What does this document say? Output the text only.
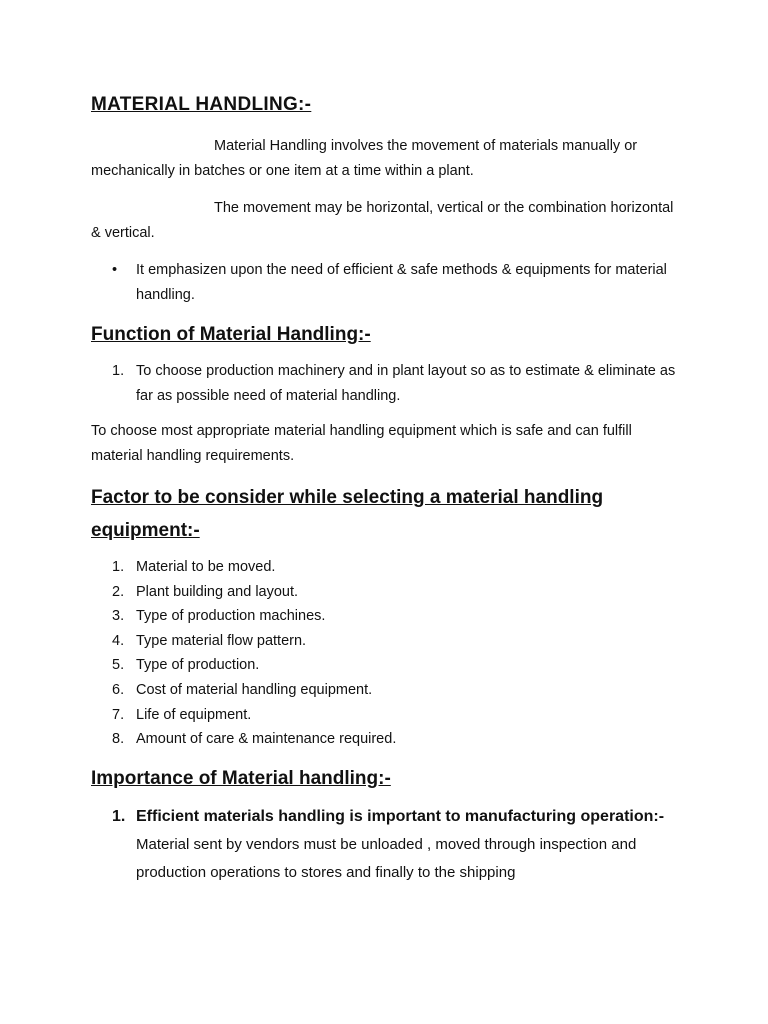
MATERIAL HANDLING:-

Material Handling involves the movement of materials manually or mechanically in batches or one item at a time within a plant.

The movement may be horizontal, vertical or the combination horizontal & vertical.

• It emphasizen upon the need of efficient & safe methods & equipments for material handling.
Function of Material Handling:-
1. To choose production machinery and in plant layout so as to estimate & eliminate as far as possible need of material handling.

To choose most appropriate material handling equipment which is safe and can fulfill material handling requirements.

Factor to be consider while selecting a material handling equipment:-
1. Material to be moved.
2. Plant building and layout.
3. Type of production machines.
4. Type material flow pattern.
5. Type of production.
6. Cost of material handling equipment.
7. Life of equipment.
8. Amount of care & maintenance required.
Importance of Material handling:-
1. Efficient materials handling is important to manufacturing operation:- Material sent by vendors must be unloaded , moved through inspection and production operations to stores and finally to the shipping
